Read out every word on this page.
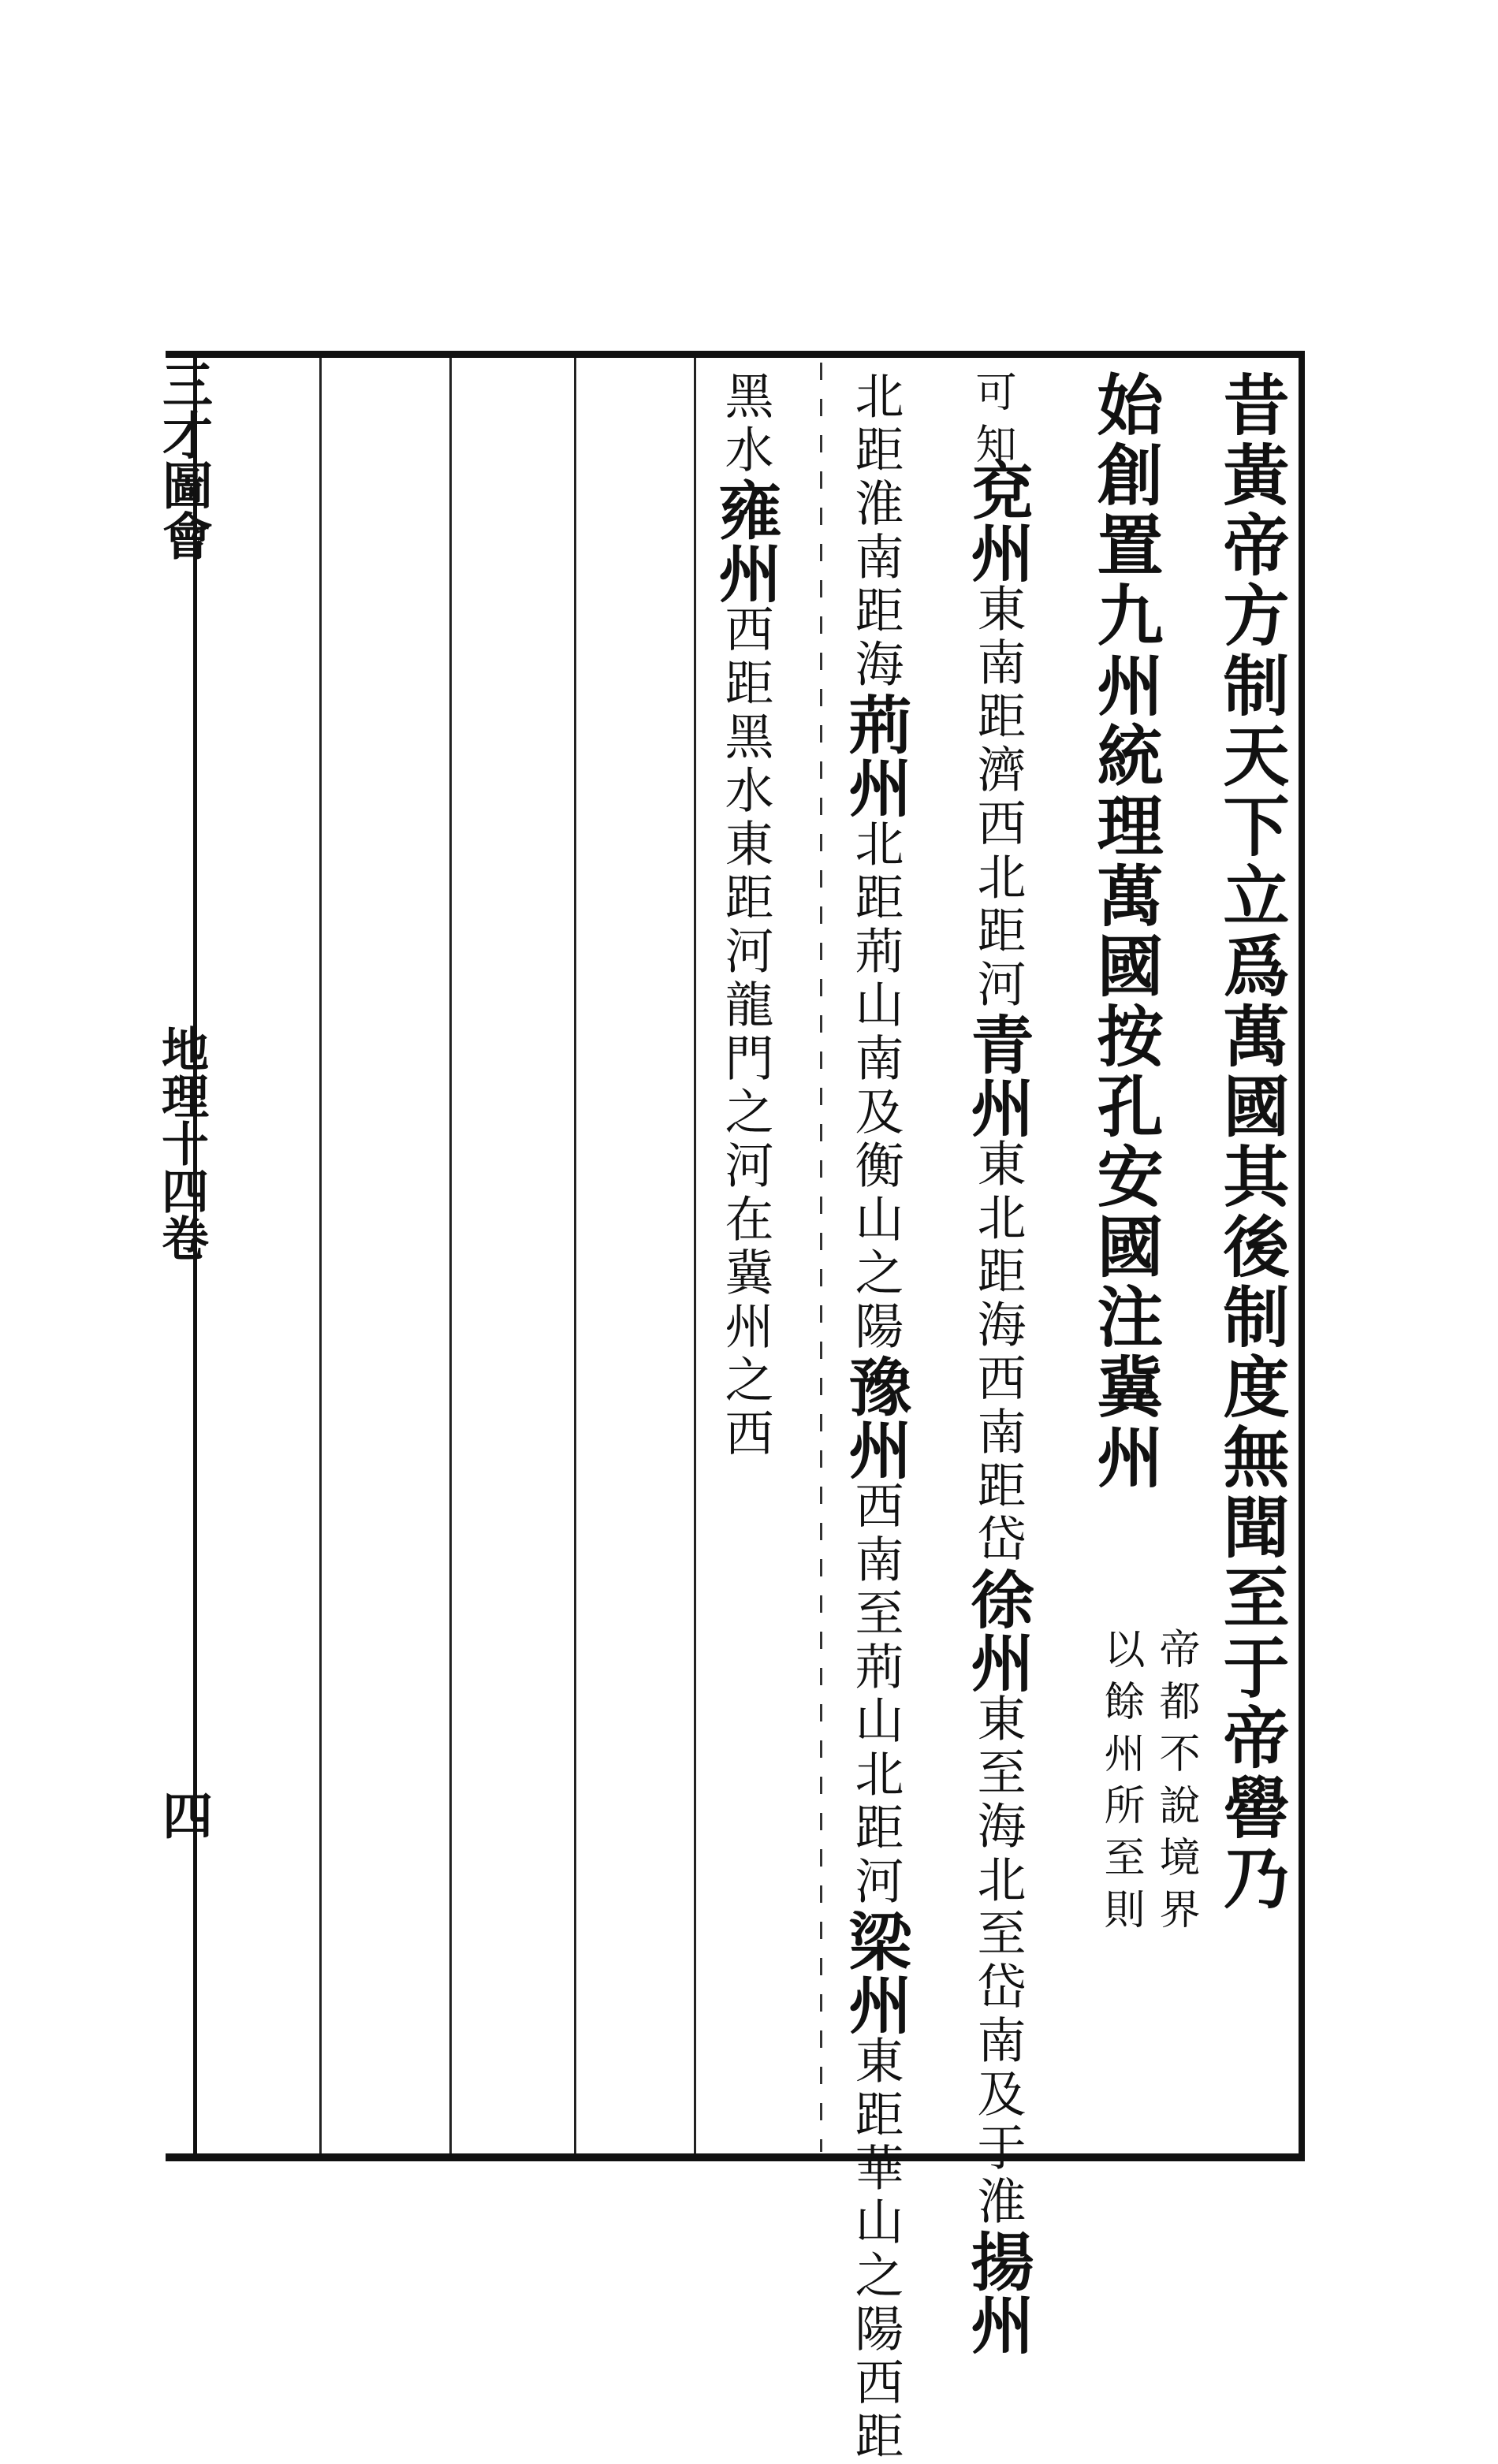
三才圖會
地理十四卷
四	昔黃帝方制天下立爲萬國其後制度無聞至于帝嚳乃
始創置九州統理萬國按孔安國注冀州
帝都不說境界
以餘州所至則
可知
兗州東南距濟西北距河青州東北距海西南距岱徐州東至海北至岱南及于淮揚州
北距淮南距海荊州北距荊山南及衡山之陽豫州西南至荊山北距河梁州東距華山之陽西距
黑水雍州西距黑水東距河龍門之河在冀州之西
